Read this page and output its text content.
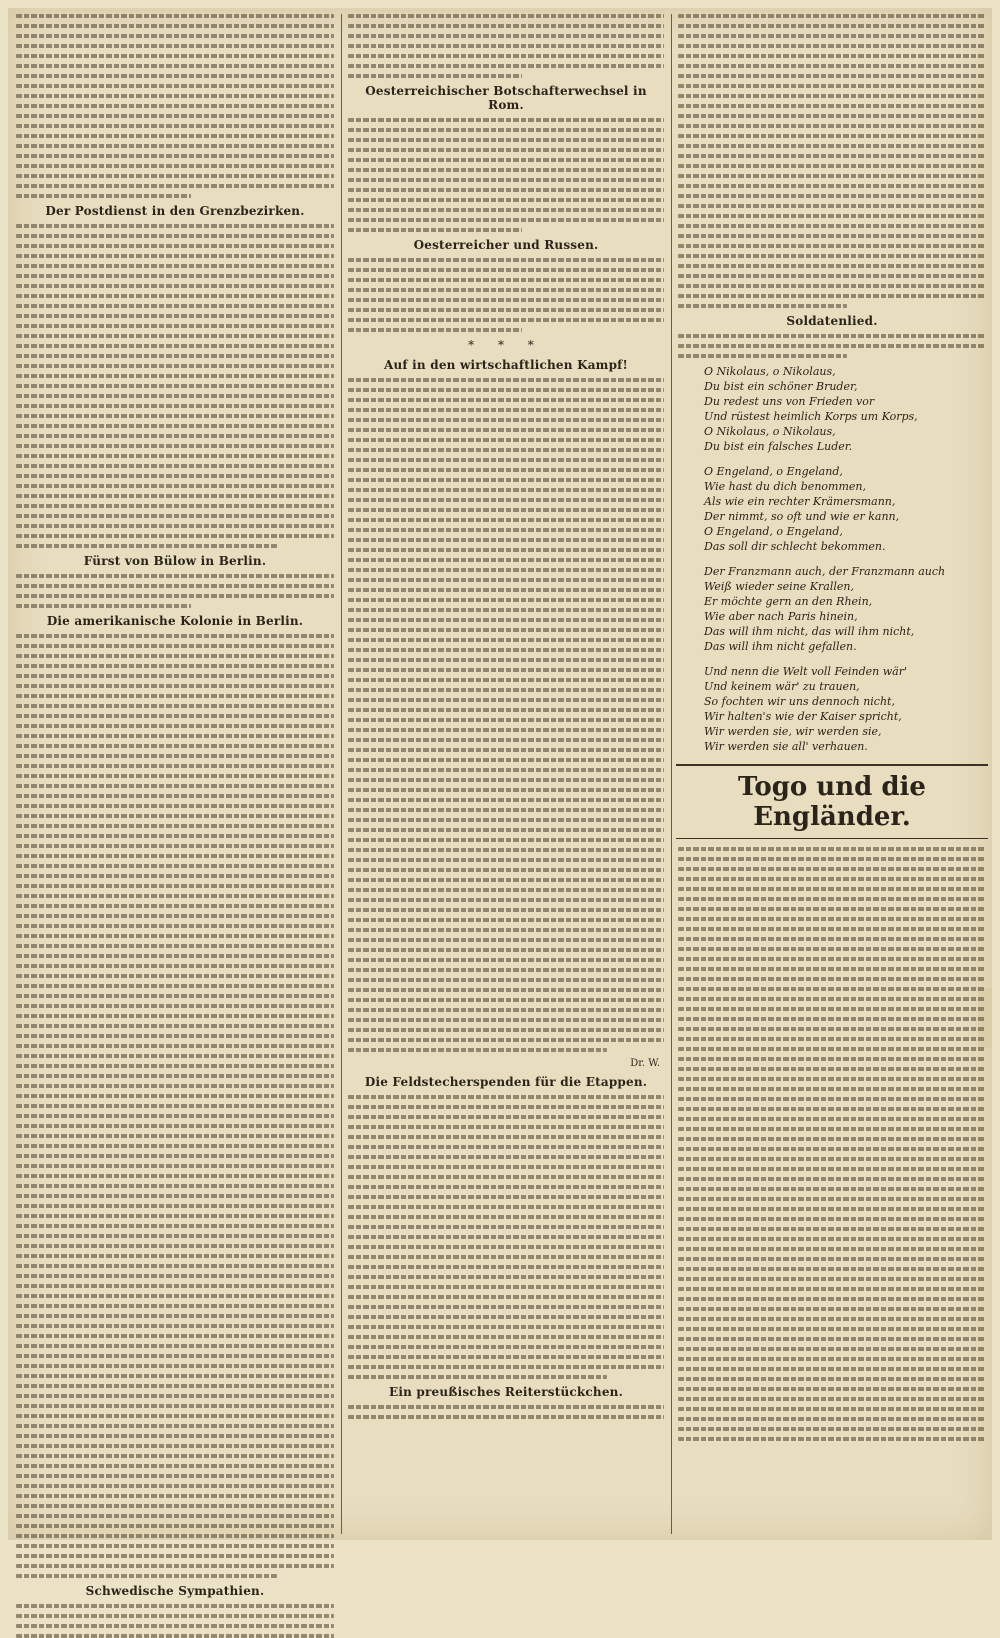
Der Postdienst in den Grenzbezirken.
Fürst von Bülow in Berlin.
Die amerikanische Kolonie in Berlin.
Schwedische Sympathien.
Oesterreichischer Botschafterwechsel in Rom.
Oesterreicher und Russen.
* * *
Auf in den wirtschaftlichen Kampf!
Dr. W.
Die Feldstecherspenden für die Etappen.
Ein preußisches Reiterstückchen.
Soldatenlied.
O Nikolaus, o Nikolaus,
Du bist ein schöner Bruder,
Du redest uns von Frieden vor
Und rüstest heimlich Korps um Korps,
O Nikolaus, o Nikolaus,
Du bist ein falsches Luder.
O Engeland, o Engeland,
Wie hast du dich benommen,
Als wie ein rechter Krämersmann,
Der nimmt, so oft und wie er kann,
O Engeland, o Engeland,
Das soll dir schlecht bekommen.
Der Franzmann auch, der Franzmann auch
Weiß wieder seine Krallen,
Er möchte gern an den Rhein,
Wie aber nach Paris hinein,
Das will ihm nicht, das will ihm nicht,
Das will ihm nicht gefallen.
Und nenn die Welt voll Feinden wär'
Und keinem wär' zu trauen,
So fochten wir uns dennoch nicht,
Wir halten's wie der Kaiser spricht,
Wir werden sie, wir werden sie,
Wir werden sie all' verhauen.
Togo und die Engländer.
